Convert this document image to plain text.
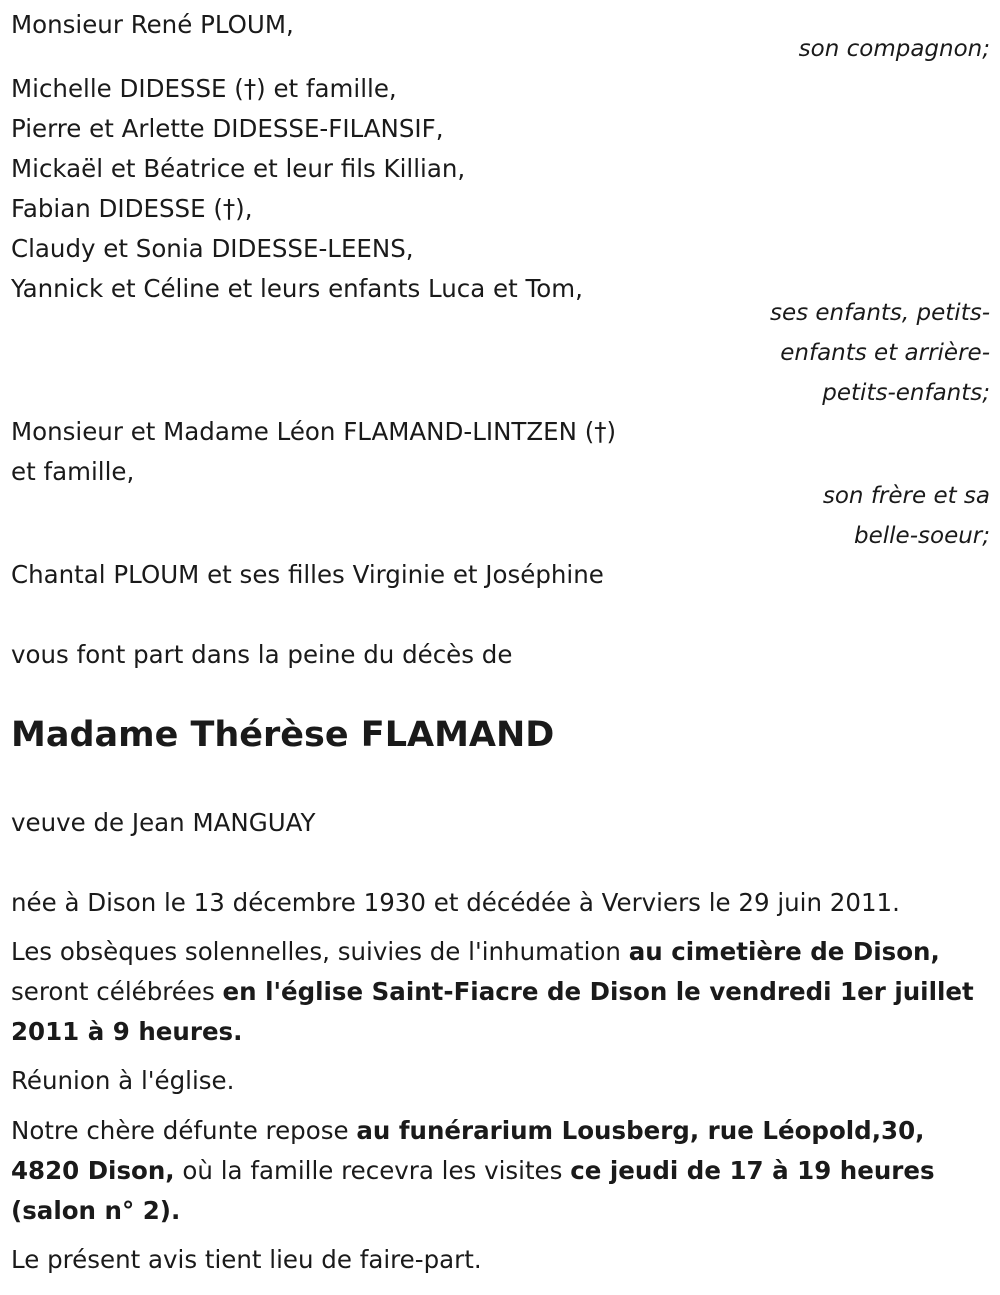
Monsieur René PLOUM,
son compagnon;
Michelle DIDESSE (†) et famille,
Pierre et Arlette DIDESSE-FILANSIF,
Mickaël et Béatrice et leur fils Killian,
Fabian DIDESSE (†),
Claudy et Sonia DIDESSE-LEENS,
Yannick et Céline et leurs enfants Luca et Tom,
ses enfants, petits-
enfants et arrière-
petits-enfants;
Monsieur et Madame Léon FLAMAND-LINTZEN (†)
et famille,
son frère et sa
belle-soeur;
Chantal PLOUM et ses filles Virginie et Joséphine
vous font part dans la peine du décès de
Madame Thérèse FLAMAND
veuve de Jean MANGUAY
née à Dison le 13 décembre 1930 et décédée à Verviers le 29 juin 2011.
Les obsèques solennelles, suivies de l'inhumation au cimetière de Dison, seront célébrées en l'église Saint-Fiacre de Dison le vendredi 1er juillet 2011 à 9 heures.
Réunion à l'église.
Notre chère défunte repose au funérarium Lousberg, rue Léopold,30, 4820 Dison, où la famille recevra les visites ce jeudi de 17 à 19 heures (salon n° 2).
Le présent avis tient lieu de faire-part.
